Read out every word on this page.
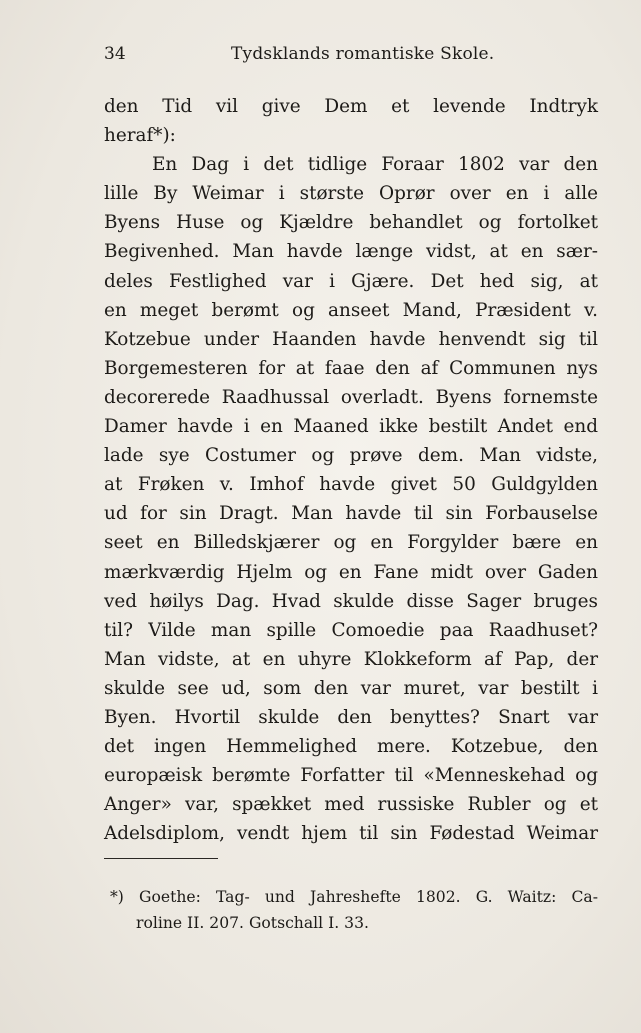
34	Tydsklands romantiske Skole.
den Tid vil give Dem et levende Indtryk
heraf*):
En Dag i det tidlige Foraar 1802 var den
lille By Weimar i største Oprør over en i alle
Byens Huse og Kjældre behandlet og fortolket
Begivenhed. Man havde længe vidst, at en sær-
deles Festlighed var i Gjære. Det hed sig, at
en meget berømt og anseet Mand, Præsident v.
Kotzebue under Haanden havde henvendt sig til
Borgemesteren for at faae den af Communen nys
decorerede Raadhussal overladt. Byens fornemste
Damer havde i en Maaned ikke bestilt Andet end
lade sye Costumer og prøve dem. Man vidste,
at Frøken v. Imhof havde givet 50 Guldgylden
ud for sin Dragt. Man havde til sin Forbauselse
seet en Billedskjærer og en Forgylder bære en
mærkværdig Hjelm og en Fane midt over Gaden
ved høilys Dag. Hvad skulde disse Sager bruges
til? Vilde man spille Comoedie paa Raadhuset?
Man vidste, at en uhyre Klokkeform af Pap, der
skulde see ud, som den var muret, var bestilt i
Byen. Hvortil skulde den benyttes? Snart var
det ingen Hemmelighed mere. Kotzebue, den
europæisk berømte Forfatter til «Menneskehad og
Anger» var, spækket med russiske Rubler og et
Adelsdiplom, vendt hjem til sin Fødestad Weimar
*) Goethe: Tag- und Jahreshefte 1802. G. Waitz: Ca-
roline II. 207. Gotschall I. 33.
